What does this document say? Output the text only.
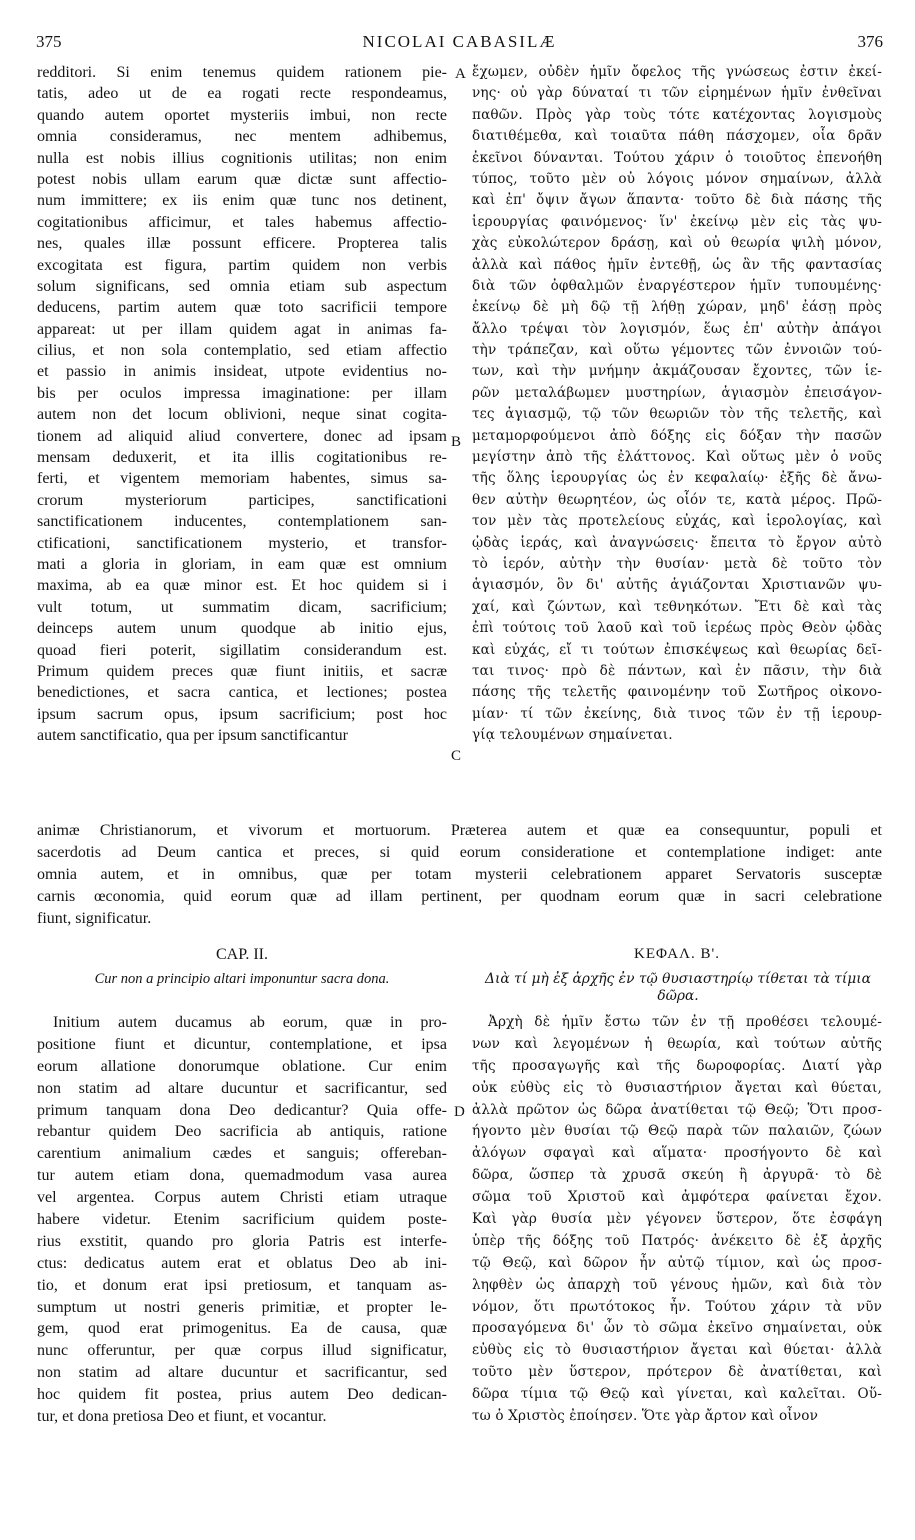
375	NICOLAI CABASILÆ	376

redditori. Si enim tenemus quidem rationem pie-

tatis, adeo ut de ea rogati recte respondeamus,

quando autem oportet mysteriis imbui, non recte

omnia consideramus, nec mentem adhibemus,

nulla est nobis illius cognitionis utilitas; non enim

potest nobis ullam earum quæ dictæ sunt affectio-

num immittere; ex iis enim quæ tunc nos detinent,

cogitationibus afficimur, et tales habemus affectio-

nes, quales illæ possunt efficere. Propterea talis

excogitata est figura, partim quidem non verbis

solum significans, sed omnia etiam sub aspectum

deducens, partim autem quæ toto sacrificii tempore

appareat: ut per illam quidem agat in animas fa-

cilius, et non sola contemplatio, sed etiam affectio

et passio in animis insideat, utpote evidentius no-

bis per oculos impressa imaginatione: per illam

autem non det locum oblivioni, neque sinat cogita-

tionem ad aliquid aliud convertere, donec ad ipsam

mensam deduxerit, et ita illis cogitationibus re-

ferti, et vigentem memoriam habentes, simus sa-

crorum mysteriorum participes, sanctificationi

sanctificationem inducentes, contemplationem san-

ctificationi, sanctificationem mysterio, et transfor-

mati a gloria in gloriam, in eam quæ est omnium

maxima, ab ea quæ minor est. Et hoc quidem si i

vult totum, ut summatim dicam, sacrificium;

deinceps autem unum quodque ab initio ejus,

quoad fieri poterit, sigillatim considerandum est.

Primum quidem preces quæ fiunt initiis, et sacræ

benedictiones, et sacra cantica, et lectiones; postea

ipsum sacrum opus, ipsum sacrificium; post hoc

autem sanctificatio, qua per ipsum sanctificantur

ἔχωμεν, οὐδὲν ἡμῖν ὄφελος τῆς γνώσεως ἐστιν ἐκεί-

νης· οὐ γὰρ δύναταί τι τῶν εἰρημένων ἡμῖν ἐνθεῖναι

παθῶν. Πρὸς γὰρ τοὺς τότε κατέχοντας λογισμοὺς

διατιθέμεθα, καὶ τοιαῦτα πάθη πάσχομεν, οἷα δρᾶν

ἐκεῖνοι δύνανται. Τούτου χάριν ὁ τοιοῦτος ἐπενοήθη

τύπος, τοῦτο μὲν οὐ λόγοις μόνον σημαίνων, ἀλλὰ

καὶ ἐπ' ὄψιν ἄγων ἅπαντα· τοῦτο δὲ διὰ πάσης τῆς

ἱερουργίας φαινόμενος· ἵν' ἐκείνῳ μὲν εἰς τὰς ψυ-

χὰς εὐκολώτερον δράσῃ, καὶ οὐ θεωρία ψιλὴ μόνον,

ἀλλὰ καὶ πάθος ἡμῖν ἐντεθῇ, ὡς ἂν τῆς φαντασίας

διὰ τῶν ὀφθαλμῶν ἐναργέστερον ἡμῖν τυπουμένης·

ἐκείνῳ δὲ μὴ δῷ τῇ λήθῃ χώραν, μηδ' ἐάσῃ πρὸς

ἄλλο τρέψαι τὸν λογισμόν, ἕως ἐπ' αὐτὴν ἀπάγοι

τὴν τράπεζαν, καὶ οὕτω γέμοντες τῶν ἐννοιῶν τού-

των, καὶ τὴν μνήμην ἀκμάζουσαν ἔχοντες, τῶν ἱε-

ρῶν μεταλάβωμεν μυστηρίων, ἁγιασμὸν ἐπεισάγον-

τες ἁγιασμῷ, τῷ τῶν θεωριῶν τὸν τῆς τελετῆς, καὶ

μεταμορφούμενοι ἀπὸ δόξης εἰς δόξαν τὴν πασῶν

μεγίστην ἀπὸ τῆς ἐλάττονος. Καὶ οὕτως μὲν ὁ νοῦς

τῆς ὅλης ἱερουργίας ὡς ἐν κεφαλαίῳ· ἑξῆς δὲ ἄνω-

θεν αὐτὴν θεωρητέον, ὡς οἷόν τε, κατὰ μέρος. Πρῶ-

τον μὲν τὰς προτελείους εὐχάς, καὶ ἱερολογίας, καὶ

ᾠδὰς ἱεράς, καὶ ἀναγνώσεις· ἔπειτα τὸ ἔργον αὐτὸ

τὸ ἱερόν, αὐτὴν τὴν θυσίαν· μετὰ δὲ τοῦτο τὸν

ἁγιασμόν, ὃν δι' αὐτῆς ἁγιάζονται Χριστιανῶν ψυ-

χαί, καὶ ζώντων, καὶ τεθνηκότων. Ἔτι δὲ καὶ τὰς

ἐπὶ τούτοις τοῦ λαοῦ καὶ τοῦ ἱερέως πρὸς Θεὸν ᾠδὰς

καὶ εὐχάς, εἴ τι τούτων ἐπισκέψεως καὶ θεωρίας δεῖ-

ται τινος· πρὸ δὲ πάντων, καὶ ἐν πᾶσιν, τὴν διὰ

πάσης τῆς τελετῆς φαινομένην τοῦ Σωτῆρος οἰκονο-

μίαν· τί τῶν ἐκείνης, διὰ τινος τῶν ἐν τῇ ἱερουρ-

γίᾳ τελουμένων σημαίνεται.

A
B
C
D

animæ Christianorum, et vivorum et mortuorum. Præterea autem et quæ ea consequuntur, populi et

sacerdotis ad Deum cantica et preces, si quid eorum consideratione et contemplatione indiget: ante

omnia autem, et in omnibus, quæ per totam mysterii celebrationem apparet Servatoris susceptæ

carnis œconomia, quid eorum quæ ad illam pertinent, per quodnam eorum quæ in sacri celebratione

fiunt, significatur.

CAP. II.
Cur non a principio altari imponuntur sacra dona.
ΚΕΦΑΛ. Β'.
Διὰ τί μὴ ἐξ ἀρχῆς ἐν τῷ θυσιαστηρίῳ τίθεται τὰ τίμια δῶρα.

Initium autem ducamus ab eorum, quæ in pro-

positione fiunt et dicuntur, contemplatione, et ipsa

eorum allatione donorumque oblatione. Cur enim

non statim ad altare ducuntur et sacrificantur, sed

primum tanquam dona Deo dedicantur? Quia offe-

rebantur quidem Deo sacrificia ab antiquis, ratione

carentium animalium cædes et sanguis; offereban-

tur autem etiam dona, quemadmodum vasa aurea

vel argentea. Corpus autem Christi etiam utraque

habere videtur. Etenim sacrificium quidem poste-

rius exstitit, quando pro gloria Patris est interfe-

ctus: dedicatus autem erat et oblatus Deo ab ini-

tio, et donum erat ipsi pretiosum, et tanquam as-

sumptum ut nostri generis primitiæ, et propter le-

gem, quod erat primogenitus. Ea de causa, quæ

nunc offeruntur, per quæ corpus illud significatur,

non statim ad altare ducuntur et sacrificantur, sed

hoc quidem fit postea, prius autem Deo dedican-

tur, et dona pretiosa Deo et fiunt, et vocantur.

Ἀρχὴ δὲ ἡμῖν ἔστω τῶν ἐν τῇ προθέσει τελουμέ-

νων καὶ λεγομένων ἡ θεωρία, καὶ τούτων αὐτῆς

τῆς προσαγωγῆς καὶ τῆς δωροφορίας. Διατί γὰρ

οὐκ εὐθὺς εἰς τὸ θυσιαστήριον ἄγεται καὶ θύεται,

ἀλλὰ πρῶτον ὡς δῶρα ἀνατίθεται τῷ Θεῷ; Ὅτι προσ-

ήγοντο μὲν θυσίαι τῷ Θεῷ παρὰ τῶν παλαιῶν, ζώων

ἀλόγων σφαγαὶ καὶ αἵματα· προσήγοντο δὲ καὶ

δῶρα, ὥσπερ τὰ χρυσᾶ σκεύη ἢ ἀργυρᾶ· τὸ δὲ

σῶμα τοῦ Χριστοῦ καὶ ἀμφότερα φαίνεται ἔχον.

Καὶ γὰρ θυσία μὲν γέγονεν ὕστερον, ὅτε ἐσφάγη

ὑπὲρ τῆς δόξης τοῦ Πατρός· ἀνέκειτο δὲ ἐξ ἀρχῆς

τῷ Θεῷ, καὶ δῶρον ἦν αὐτῷ τίμιον, καὶ ὡς προσ-

ληφθὲν ὡς ἀπαρχὴ τοῦ γένους ἡμῶν, καὶ διὰ τὸν

νόμον, ὅτι πρωτότοκος ἦν. Τούτου χάριν τὰ νῦν

προσαγόμενα δι' ὧν τὸ σῶμα ἐκεῖνο σημαίνεται, οὐκ

εὐθὺς εἰς τὸ θυσιαστήριον ἄγεται καὶ θύεται· ἀλλὰ

τοῦτο μὲν ὕστερον, πρότερον δὲ ἀνατίθεται, καὶ

δῶρα τίμια τῷ Θεῷ καὶ γίνεται, καὶ καλεῖται. Οὕ-

τω ὁ Χριστὸς ἐποίησεν. Ὅτε γὰρ ἄρτον καὶ οἶνον
